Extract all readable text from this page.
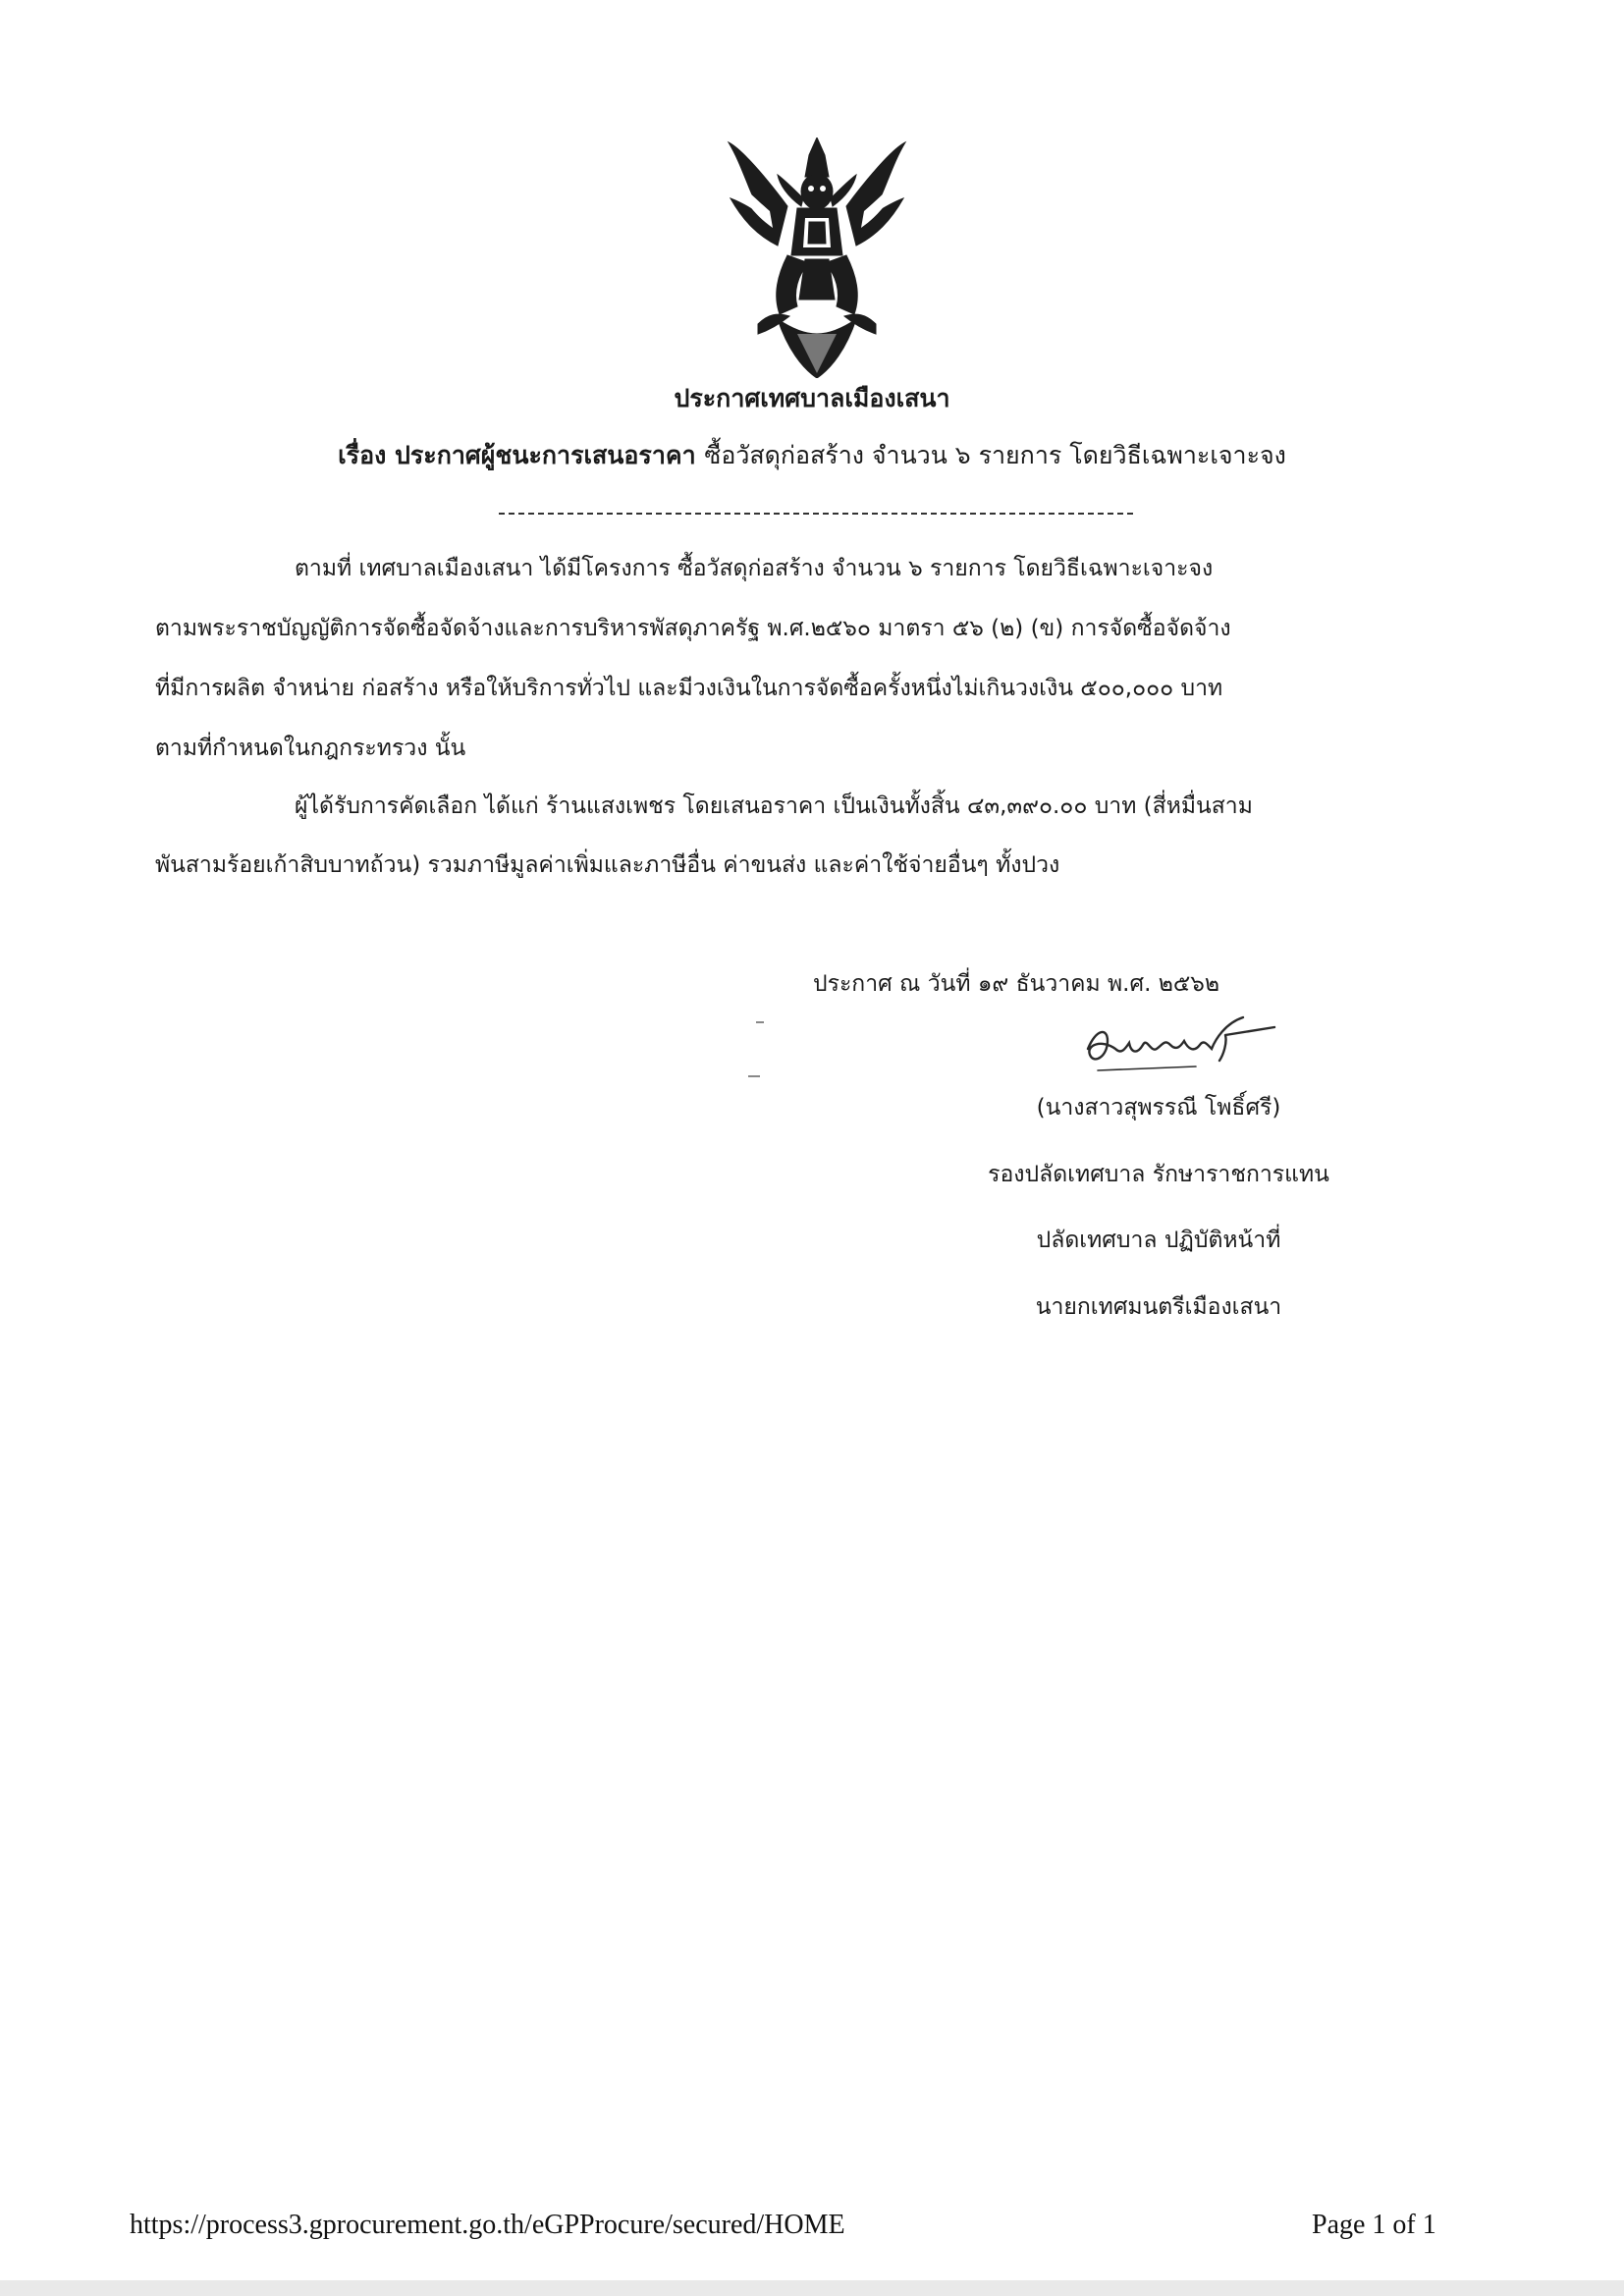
ประกาศเทศบาลเมืองเสนา
เรื่อง ประกาศผู้ชนะการเสนอราคา ซื้อวัสดุก่อสร้าง จำนวน ๖ รายการ โดยวิธีเฉพาะเจาะจง
ตามที่ เทศบาลเมืองเสนา ได้มีโครงการ ซื้อวัสดุก่อสร้าง จำนวน ๖ รายการ โดยวิธีเฉพาะเจาะจง
ตามพระราชบัญญัติการจัดซื้อจัดจ้างและการบริหารพัสดุภาครัฐ พ.ศ.๒๕๖๐ มาตรา ๕๖ (๒) (ข) การจัดซื้อจัดจ้าง
ที่มีการผลิต จำหน่าย ก่อสร้าง หรือให้บริการทั่วไป และมีวงเงินในการจัดซื้อครั้งหนึ่งไม่เกินวงเงิน ๕๐๐,๐๐๐ บาท
ตามที่กำหนดในกฎกระทรวง นั้น
ผู้ได้รับการคัดเลือก ได้แก่ ร้านแสงเพชร โดยเสนอราคา เป็นเงินทั้งสิ้น ๔๓,๓๙๐.๐๐ บาท (สี่หมื่นสาม
พันสามร้อยเก้าสิบบาทถ้วน) รวมภาษีมูลค่าเพิ่มและภาษีอื่น ค่าขนส่ง และค่าใช้จ่ายอื่นๆ ทั้งปวง
ประกาศ ณ วันที่ ๑๙ ธันวาคม พ.ศ. ๒๕๖๒
(นางสาวสุพรรณี โพธิ์ศรี)
รองปลัดเทศบาล รักษาราชการแทน
ปลัดเทศบาล ปฏิบัติหน้าที่
นายกเทศมนตรีเมืองเสนา
https://process3.gprocurement.go.th/eGPProcure/secured/HOME	Page 1 of 1
